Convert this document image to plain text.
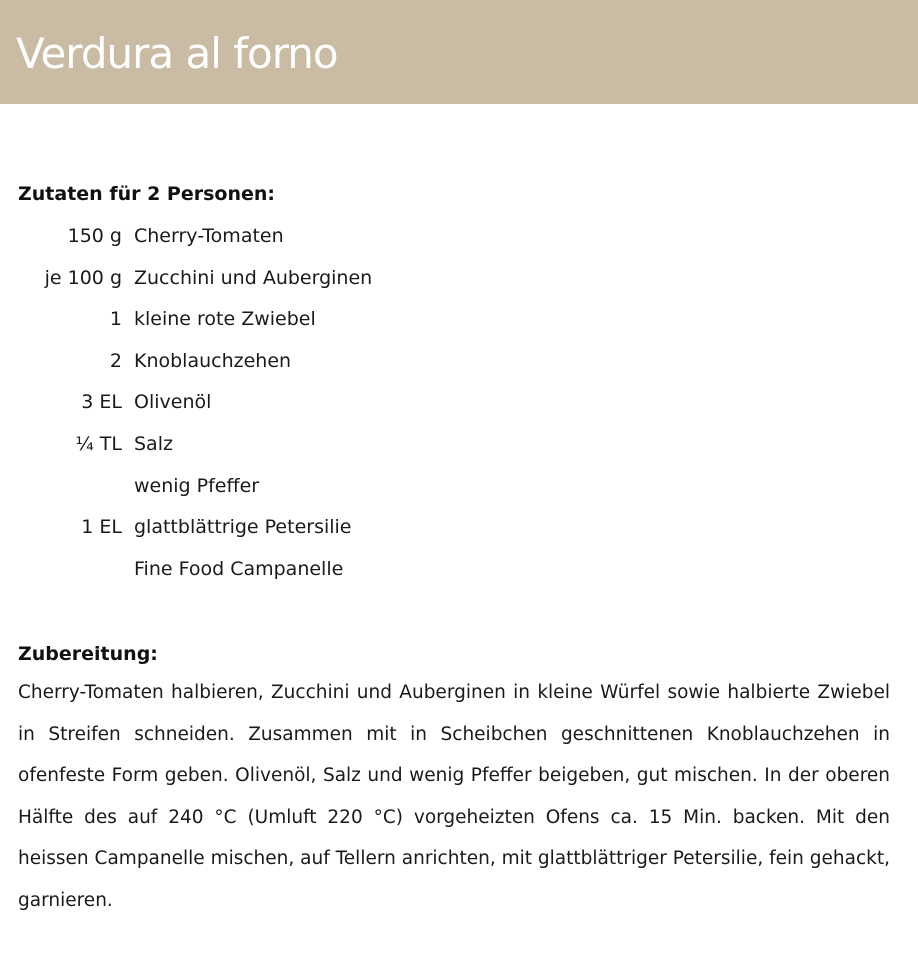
Verdura al forno
Zutaten für 2 Personen:
150 g Cherry-Tomaten
je 100 g Zucchini und Auberginen
1 kleine rote Zwiebel
2 Knoblauchzehen
3 EL Olivenöl
¼ TL Salz
wenig Pfeffer
1 EL glattblättrige Petersilie
Fine Food Campanelle
Zubereitung:

Cherry-Tomaten halbieren, Zucchini und Auberginen in kleine Würfel sowie halbierte Zwiebel in Streifen schneiden. Zusammen mit in Scheibchen geschnittenen Knoblauchzehen in ofenfeste Form geben. Olivenöl, Salz und wenig Pfeffer beigeben, gut mischen. In der oberen Hälfte des auf 240 °C (Umluft 220 °C) vorgeheizten Ofens ca. 15 Min. backen. Mit den heissen Campanelle mischen, auf Tellern anrichten, mit glattblättriger Petersilie, fein gehackt, garnieren.
